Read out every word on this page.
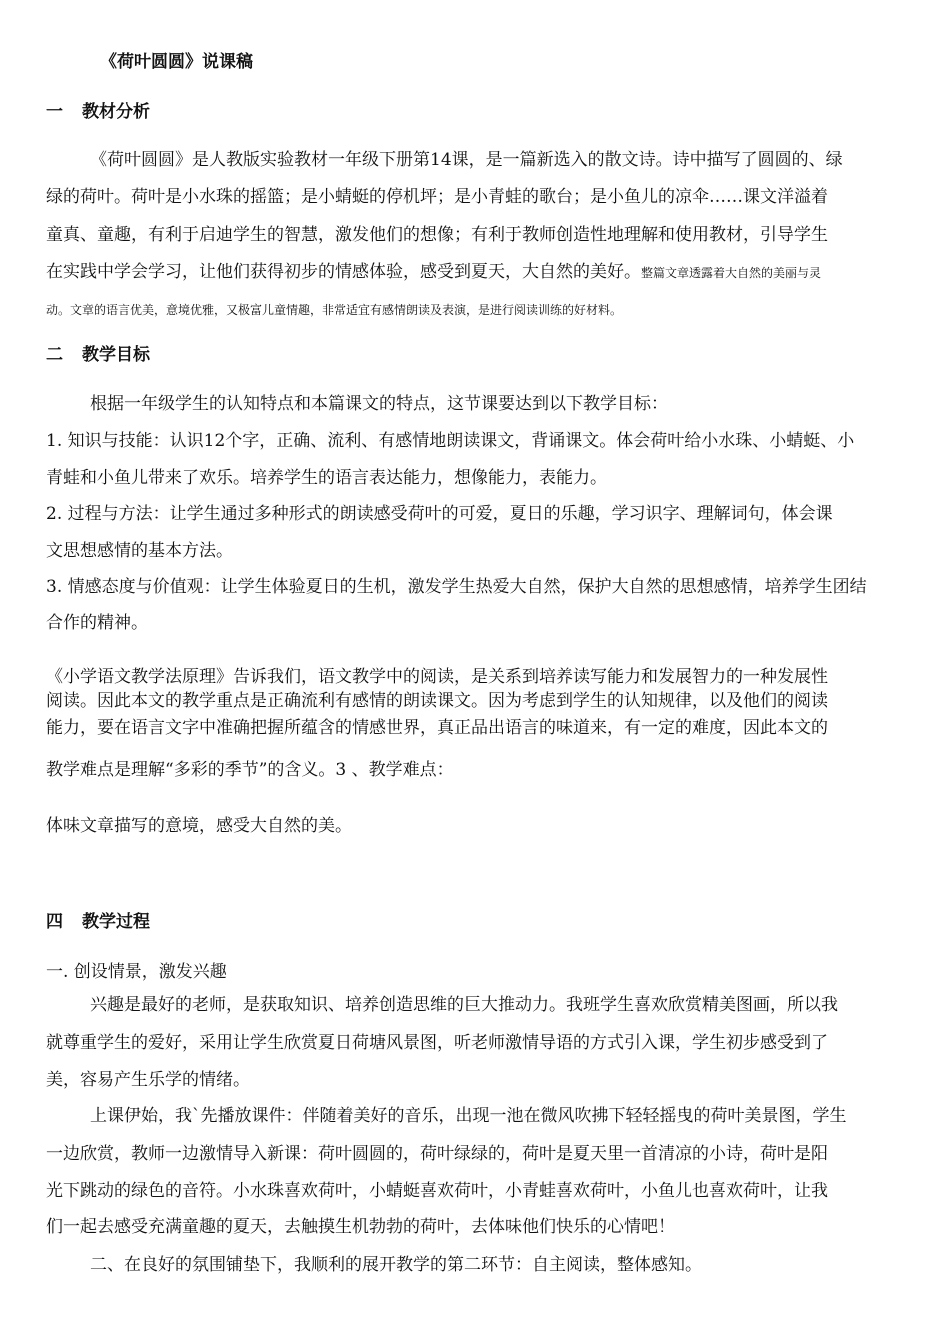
《荷叶圆圆》说课稿
一 教材分析
《荷叶圆圆》是人教版实验教材一年级下册第14课，是一篇新选入的散文诗。诗中描写了圆圆的、绿
绿的荷叶。荷叶是小水珠的摇篮；是小蜻蜓的停机坪；是小青蛙的歌台；是小鱼儿的凉伞……课文洋溢着
童真、童趣，有利于启迪学生的智慧，激发他们的想像；有利于教师创造性地理解和使用教材，引导学生
在实践中学会学习，让他们获得初步的情感体验，感受到夏天，大自然的美好。整篇文章透露着大自然的美丽与灵
动。文章的语言优美，意境优雅，又极富儿童情趣，非常适宜有感情朗读及表演，是进行阅读训练的好材料。
二 教学目标
根据一年级学生的认知特点和本篇课文的特点，这节课要达到以下教学目标：
1. 知识与技能：认识12个字，正确、流利、有感情地朗读课文，背诵课文。体会荷叶给小水珠、小蜻蜓、小
青蛙和小鱼儿带来了欢乐。培养学生的语言表达能力，想像能力，表能力。
2. 过程与方法：让学生通过多种形式的朗读感受荷叶的可爱，夏日的乐趣，学习识字、理解词句，体会课
文思想感情的基本方法。
3. 情感态度与价值观：让学生体验夏日的生机，激发学生热爱大自然，保护大自然的思想感情，培养学生团结
合作的精神。
《小学语文教学法原理》告诉我们，语文教学中的阅读，是关系到培养读写能力和发展智力的一种发展性
阅读。因此本文的教学重点是正确流利有感情的朗读课文。因为考虑到学生的认知规律，以及他们的阅读
能力，要在语言文字中准确把握所蕴含的情感世界，真正品出语言的味道来，有一定的难度，因此本文的
教学难点是理解“多彩的季节”的含义。3 、教学难点：
体味文章描写的意境，感受大自然的美。
四 教学过程
一. 创设情景，激发兴趣
兴趣是最好的老师，是获取知识、培养创造思维的巨大推动力。我班学生喜欢欣赏精美图画，所以我
就尊重学生的爱好，采用让学生欣赏夏日荷塘风景图，听老师激情导语的方式引入课，学生初步感受到了
美，容易产生乐学的情绪。
上课伊始，我`先播放课件：伴随着美好的音乐，出现一池在微风吹拂下轻轻摇曳的荷叶美景图，学生
一边欣赏，教师一边激情导入新课：荷叶圆圆的，荷叶绿绿的，荷叶是夏天里一首清凉的小诗，荷叶是阳
光下跳动的绿色的音符。小水珠喜欢荷叶，小蜻蜓喜欢荷叶，小青蛙喜欢荷叶，小鱼儿也喜欢荷叶，让我
们一起去感受充满童趣的夏天，去触摸生机勃勃的荷叶，去体味他们快乐的心情吧！
二、在良好的氛围铺垫下，我顺利的展开教学的第二环节：自主阅读，整体感知。
